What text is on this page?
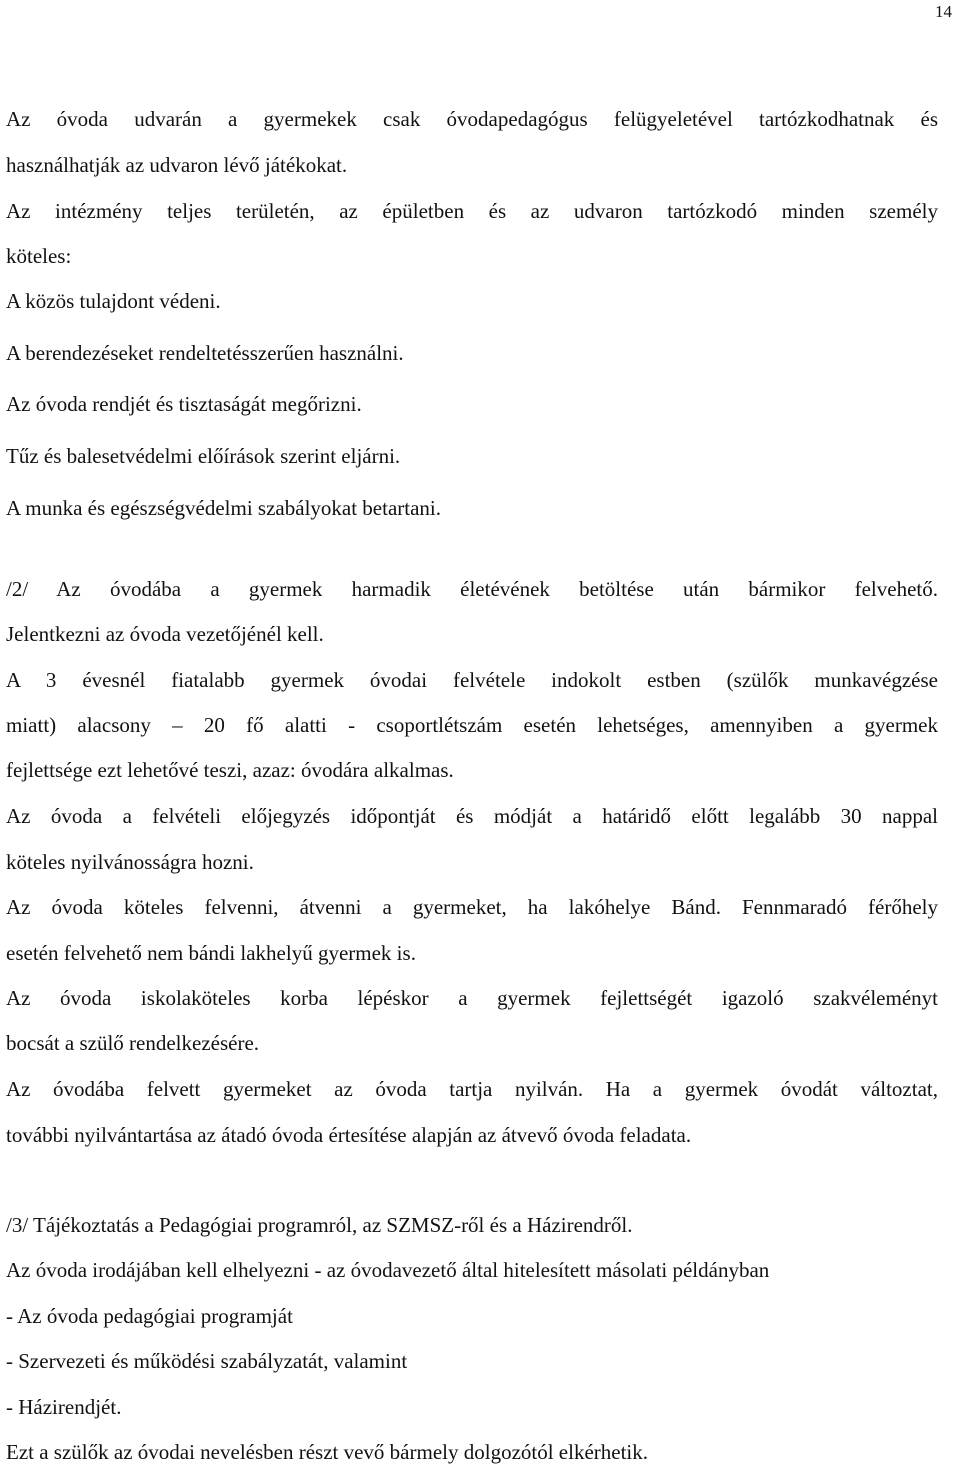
14
Az óvoda udvarán a gyermekek csak óvodapedagógus felügyeletével tartózkodhatnak és
használhatják az udvaron lévő játékokat.
Az intézmény teljes területén, az épületben és az udvaron tartózkodó minden személy
köteles:
A közös tulajdont védeni.
A berendezéseket rendeltetésszerűen használni.
Az óvoda rendjét és tisztaságát megőrizni.
Tűz és balesetvédelmi előírások szerint eljárni.
A munka és egészségvédelmi szabályokat betartani.
/2/ Az óvodába a gyermek harmadik életévének betöltése után bármikor felvehető.
Jelentkezni az óvoda vezetőjénél kell.
A 3 évesnél fiatalabb gyermek óvodai felvétele indokolt estben (szülők munkavégzése
miatt) alacsony – 20 fő alatti - csoportlétszám esetén lehetséges, amennyiben a gyermek
fejlettsége ezt lehetővé teszi, azaz: óvodára alkalmas.
Az óvoda a felvételi előjegyzés időpontját és módját a határidő előtt legalább 30 nappal
köteles nyilvánosságra hozni.
Az óvoda köteles felvenni, átvenni a gyermeket, ha lakóhelye Bánd. Fennmaradó férőhely
esetén felvehető nem bándi lakhelyű gyermek is.
Az óvoda iskolaköteles korba lépéskor a gyermek fejlettségét igazoló szakvéleményt
bocsát a szülő rendelkezésére.
Az óvodába felvett gyermeket az óvoda tartja nyilván. Ha a gyermek óvodát változtat,
további nyilvántartása az átadó óvoda értesítése alapján az átvevő óvoda feladata.
/3/ Tájékoztatás a Pedagógiai programról, az SZMSZ-ről és a Házirendről.
Az óvoda irodájában kell elhelyezni - az óvodavezető által hitelesített másolati példányban
- Az óvoda pedagógiai programját
- Szervezeti és működési szabályzatát, valamint
- Házirendjét.
Ezt a szülők az óvodai nevelésben részt vevő bármely dolgozótól elkérhetik.
